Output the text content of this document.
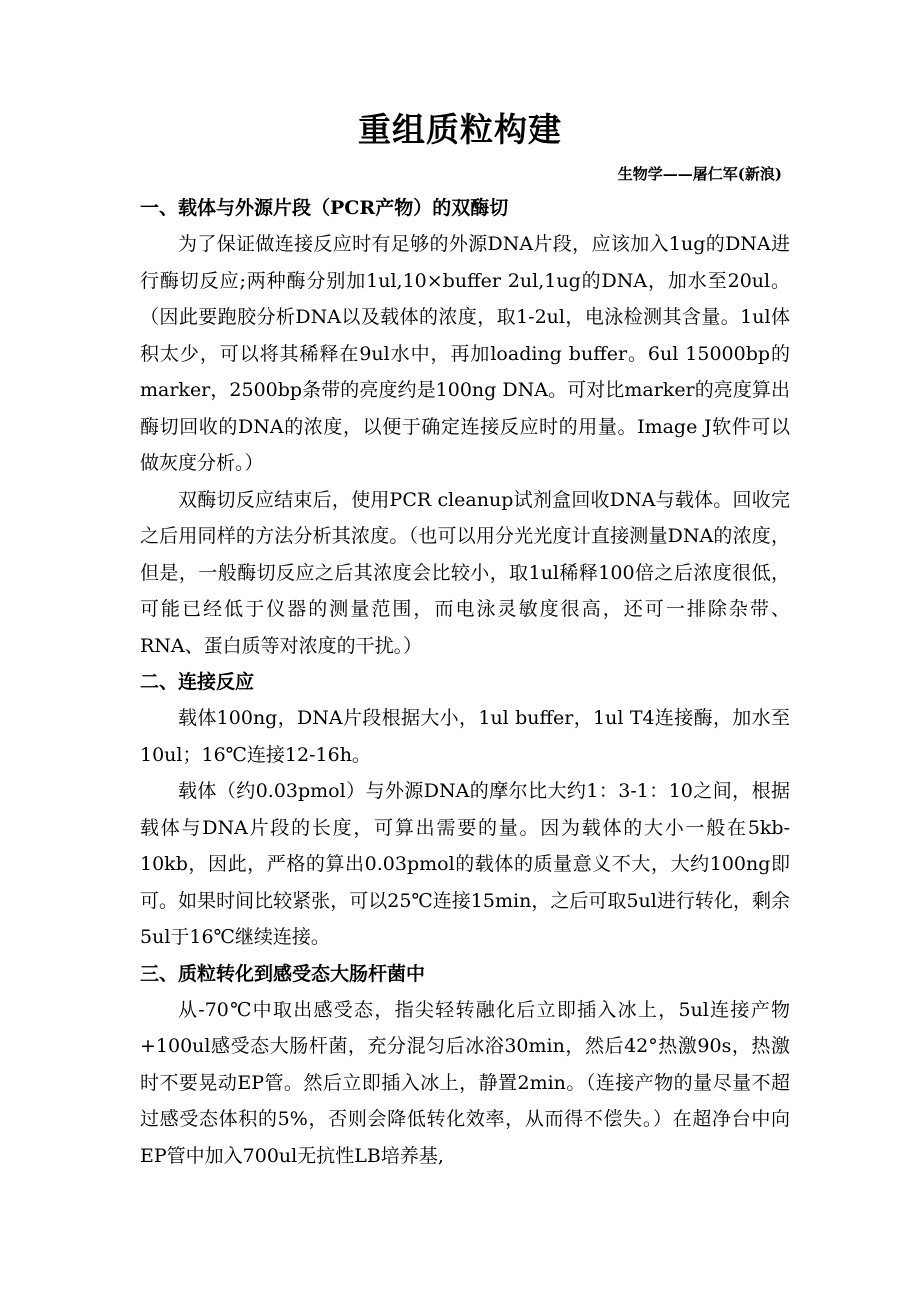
重组质粒构建

生物学——屠仁军(新浪)

一、载体与外源片段（PCR产物）的双酶切

为了保证做连接反应时有足够的外源DNA片段，应该加入1ug的DNA进行酶切反应;两种酶分别加1ul,10×buffer 2ul,1ug的DNA，加水至20ul。（因此要跑胶分析DNA以及载体的浓度，取1-2ul，电泳检测其含量。1ul体积太少，可以将其稀释在9ul水中，再加loading buffer。6ul 15000bp的marker，2500bp条带的亮度约是100ng DNA。可对比marker的亮度算出酶切回收的DNA的浓度，以便于确定连接反应时的用量。Image J软件可以做灰度分析。）

双酶切反应结束后，使用PCR cleanup试剂盒回收DNA与载体。回收完之后用同样的方法分析其浓度。（也可以用分光光度计直接测量DNA的浓度，但是，一般酶切反应之后其浓度会比较小，取1ul稀释100倍之后浓度很低，可能已经低于仪器的测量范围，而电泳灵敏度很高，还可一排除杂带、RNA、蛋白质等对浓度的干扰。）

二、连接反应

载体100ng，DNA片段根据大小，1ul buffer，1ul T4连接酶，加水至10ul；16℃连接12-16h。

载体（约0.03pmol）与外源DNA的摩尔比大约1：3-1：10之间，根据载体与DNA片段的长度，可算出需要的量。因为载体的大小一般在5kb-10kb，因此，严格的算出0.03pmol的载体的质量意义不大，大约100ng即可。如果时间比较紧张，可以25℃连接15min，之后可取5ul进行转化，剩余5ul于16℃继续连接。

三、质粒转化到感受态大肠杆菌中

从-70℃中取出感受态，指尖轻转融化后立即插入冰上，5ul连接产物+100ul感受态大肠杆菌，充分混匀后冰浴30min，然后42°热激90s，热激时不要晃动EP管。然后立即插入冰上，静置2min。（连接产物的量尽量不超过感受态体积的5%，否则会降低转化效率，从而得不偿失。）在超净台中向EP管中加入700ul无抗性LB培养基,
